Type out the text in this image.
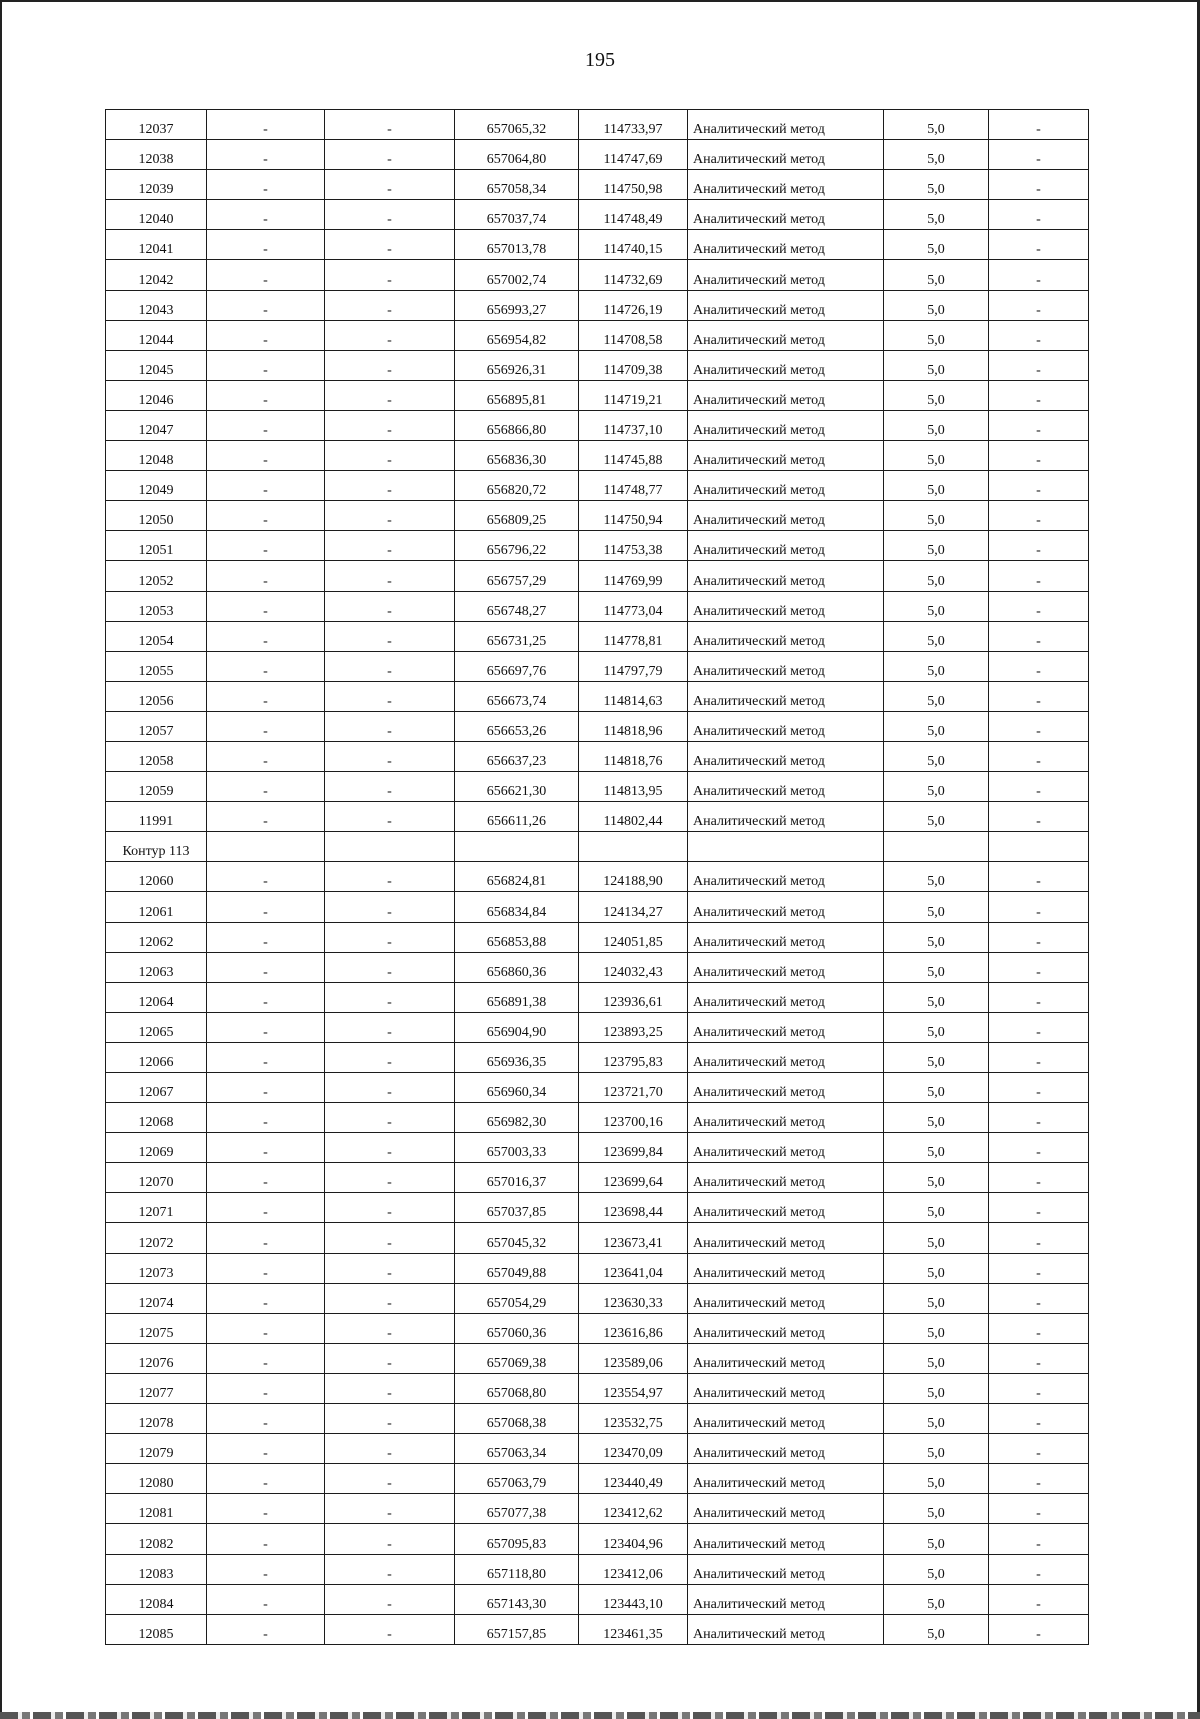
195
12037	-	-	657065,32	114733,97	Аналитический метод	5,0	-
12038	-	-	657064,80	114747,69	Аналитический метод	5,0	-
12039	-	-	657058,34	114750,98	Аналитический метод	5,0	-
12040	-	-	657037,74	114748,49	Аналитический метод	5,0	-
12041	-	-	657013,78	114740,15	Аналитический метод	5,0	-
12042	-	-	657002,74	114732,69	Аналитический метод	5,0	-
12043	-	-	656993,27	114726,19	Аналитический метод	5,0	-
12044	-	-	656954,82	114708,58	Аналитический метод	5,0	-
12045	-	-	656926,31	114709,38	Аналитический метод	5,0	-
12046	-	-	656895,81	114719,21	Аналитический метод	5,0	-
12047	-	-	656866,80	114737,10	Аналитический метод	5,0	-
12048	-	-	656836,30	114745,88	Аналитический метод	5,0	-
12049	-	-	656820,72	114748,77	Аналитический метод	5,0	-
12050	-	-	656809,25	114750,94	Аналитический метод	5,0	-
12051	-	-	656796,22	114753,38	Аналитический метод	5,0	-
12052	-	-	656757,29	114769,99	Аналитический метод	5,0	-
12053	-	-	656748,27	114773,04	Аналитический метод	5,0	-
12054	-	-	656731,25	114778,81	Аналитический метод	5,0	-
12055	-	-	656697,76	114797,79	Аналитический метод	5,0	-
12056	-	-	656673,74	114814,63	Аналитический метод	5,0	-
12057	-	-	656653,26	114818,96	Аналитический метод	5,0	-
12058	-	-	656637,23	114818,76	Аналитический метод	5,0	-
12059	-	-	656621,30	114813,95	Аналитический метод	5,0	-
11991	-	-	656611,26	114802,44	Аналитический метод	5,0	-
Контур 113							
12060	-	-	656824,81	124188,90	Аналитический метод	5,0	-
12061	-	-	656834,84	124134,27	Аналитический метод	5,0	-
12062	-	-	656853,88	124051,85	Аналитический метод	5,0	-
12063	-	-	656860,36	124032,43	Аналитический метод	5,0	-
12064	-	-	656891,38	123936,61	Аналитический метод	5,0	-
12065	-	-	656904,90	123893,25	Аналитический метод	5,0	-
12066	-	-	656936,35	123795,83	Аналитический метод	5,0	-
12067	-	-	656960,34	123721,70	Аналитический метод	5,0	-
12068	-	-	656982,30	123700,16	Аналитический метод	5,0	-
12069	-	-	657003,33	123699,84	Аналитический метод	5,0	-
12070	-	-	657016,37	123699,64	Аналитический метод	5,0	-
12071	-	-	657037,85	123698,44	Аналитический метод	5,0	-
12072	-	-	657045,32	123673,41	Аналитический метод	5,0	-
12073	-	-	657049,88	123641,04	Аналитический метод	5,0	-
12074	-	-	657054,29	123630,33	Аналитический метод	5,0	-
12075	-	-	657060,36	123616,86	Аналитический метод	5,0	-
12076	-	-	657069,38	123589,06	Аналитический метод	5,0	-
12077	-	-	657068,80	123554,97	Аналитический метод	5,0	-
12078	-	-	657068,38	123532,75	Аналитический метод	5,0	-
12079	-	-	657063,34	123470,09	Аналитический метод	5,0	-
12080	-	-	657063,79	123440,49	Аналитический метод	5,0	-
12081	-	-	657077,38	123412,62	Аналитический метод	5,0	-
12082	-	-	657095,83	123404,96	Аналитический метод	5,0	-
12083	-	-	657118,80	123412,06	Аналитический метод	5,0	-
12084	-	-	657143,30	123443,10	Аналитический метод	5,0	-
12085	-	-	657157,85	123461,35	Аналитический метод	5,0	-
